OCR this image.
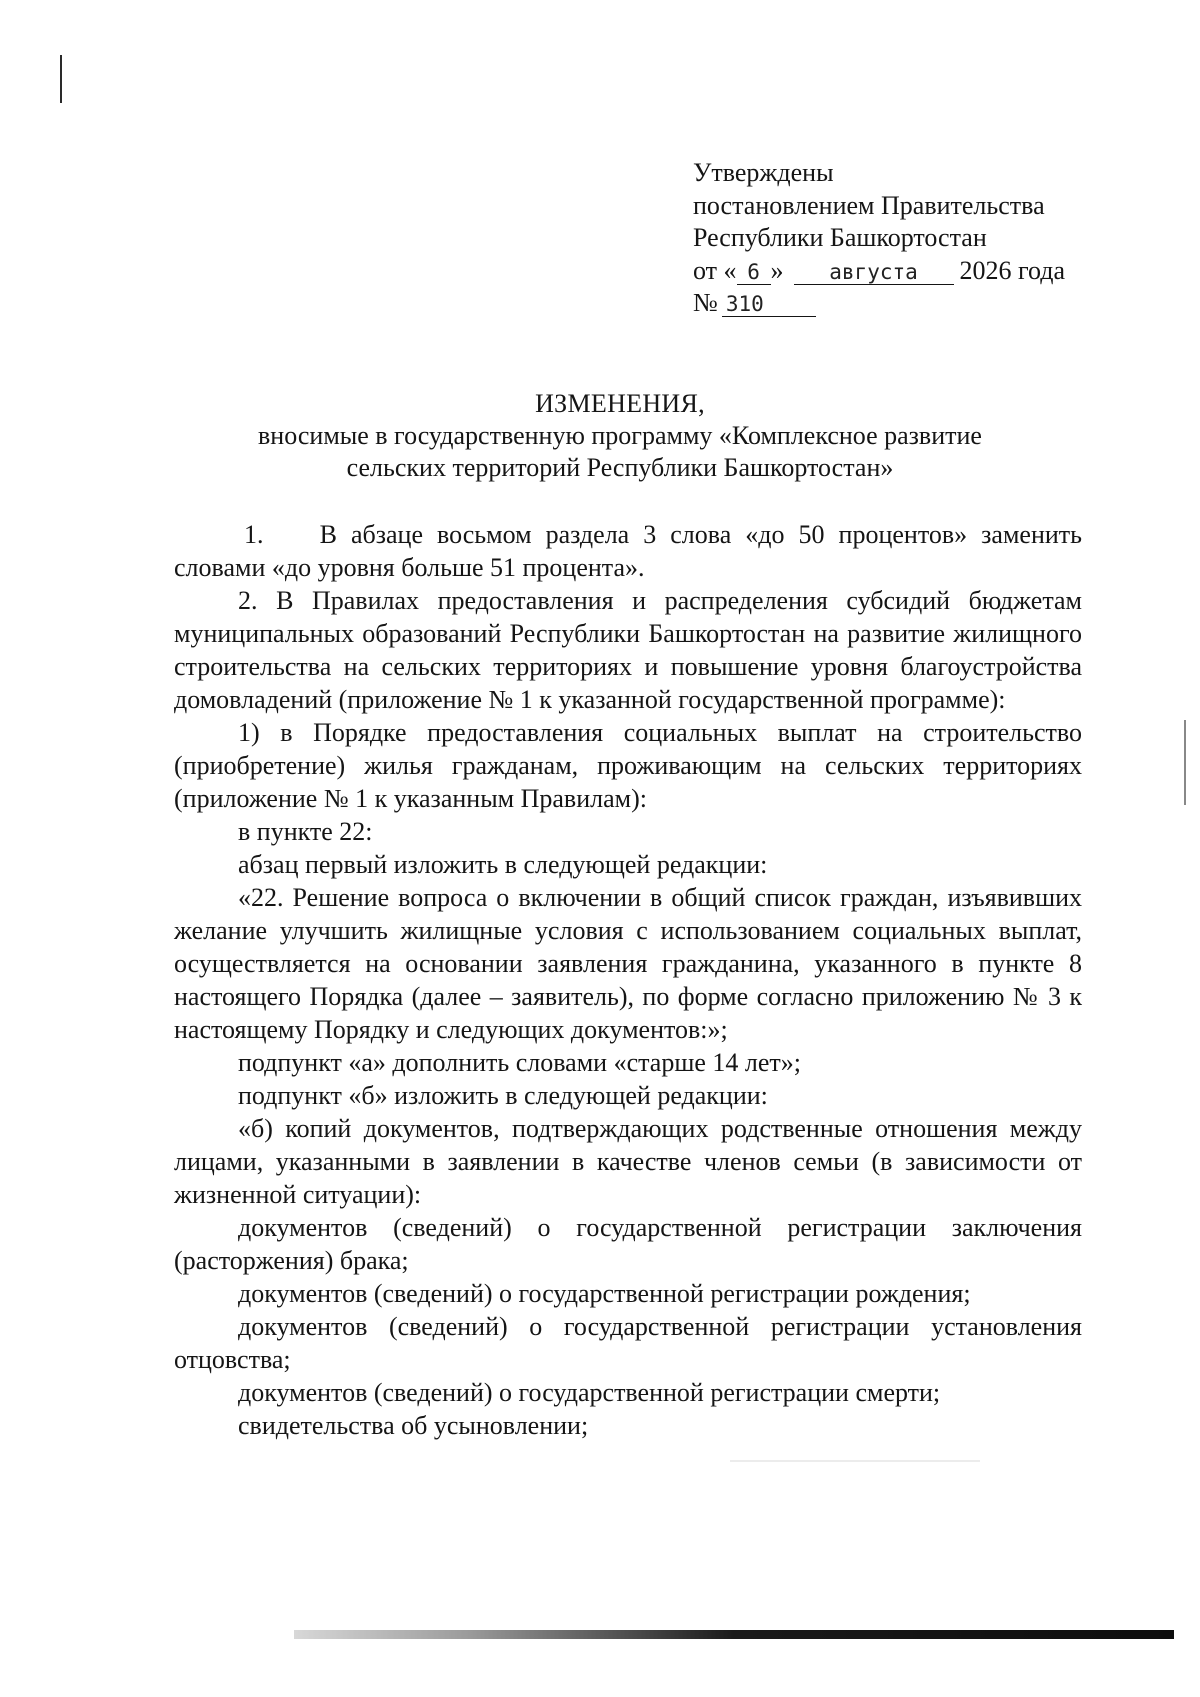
Утверждены
постановлением Правительства
Республики Башкортостан
от « 6 » августа 2026 года
№ 310
ИЗМЕНЕНИЯ,
вносимые в государственную программу «Комплексное развитие
сельских территорий Республики Башкортостан»

1.    В абзаце восьмом раздела 3 слова «до 50 процентов» заменить словами «до уровня больше 51 процента».

2. В Правилах предоставления и распределения субсидий бюджетам муниципальных образований Республики Башкортостан на развитие жилищного строительства на сельских территориях и повышение уровня благоустройства домовладений (приложение № 1 к указанной государственной программе):

1) в Порядке предоставления социальных выплат на строительство (приобретение) жилья гражданам, проживающим на сельских территориях (приложение № 1 к указанным Правилам):

в пункте 22:

абзац первый изложить в следующей редакции:

«22. Решение вопроса о включении в общий список граждан, изъявивших желание улучшить жилищные условия с использованием социальных выплат, осуществляется на основании заявления гражданина, указанного в пункте 8 настоящего Порядка (далее – заявитель), по форме согласно приложению № 3 к настоящему Порядку и следующих документов:»;

подпункт «а» дополнить словами «старше 14 лет»;

подпункт «б» изложить в следующей редакции:

«б) копий документов, подтверждающих родственные отношения между лицами, указанными в заявлении в качестве членов семьи (в зависимости от жизненной ситуации):

документов (сведений) о государственной регистрации заключения (расторжения) брака;

документов (сведений) о государственной регистрации рождения;

документов (сведений) о государственной регистрации установления отцовства;

документов (сведений) о государственной регистрации смерти;

свидетельства об усыновлении;
